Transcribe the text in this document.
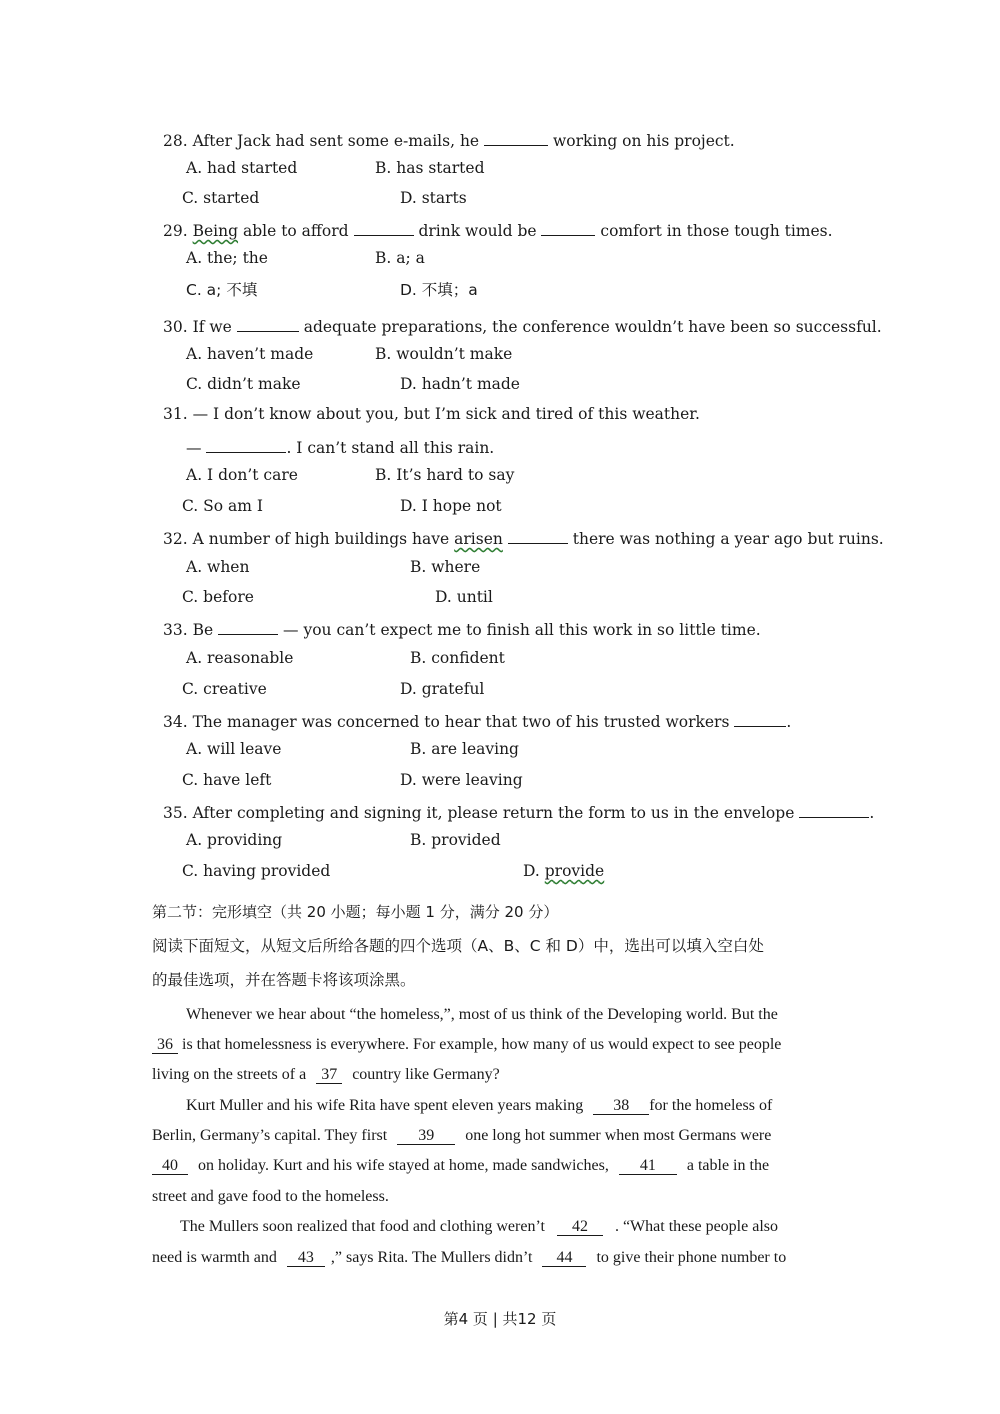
28. After Jack had sent some e-mails, he	working on his project.
A. had started	B. has started
C. started	D. starts
29. Being able to afford	drink would be	comfort in those tough times.
A. the; the	B. a; a
C. a; 不填	D. 不填；a
30. If we	adequate preparations, the conference wouldn’t have been so successful.
A. haven’t made	B. wouldn’t make
C. didn’t make	D. hadn’t made
31. — I don’t know about you, but I’m sick and tired of this weather.
—	. I can’t stand all this rain.
A. I don’t care	B. It’s hard to say
C. So am I	D. I hope not
32. A number of high buildings have arisen	there was nothing a year ago but ruins.
A. when	B. where
C. before	D. until
33. Be	— you can’t expect me to finish all this work in so little time.
A. reasonable	B. confident
C. creative	D. grateful
34. The manager was concerned to hear that two of his trusted workers	.
A. will leave	B. are leaving
C. have left	D. were leaving
35. After completing and signing it, please return the form to us in the envelope	.
A. providing	B. provided
C. having provided	D. provide
第二节：完形填空（共 20 小题；每小题 1 分，满分 20 分）
阅读下面短文，从短文后所给各题的四个选项（A、B、C 和 D）中，选出可以填入空白处
的最佳选项，并在答题卡将该项涂黑。
Whenever we hear about “the homeless,”, most of us think of the Developing world. But the
36 is that homelessness is everywhere. For example, how many of us would expect to see people
living on the streets of a 37 country like Germany?
Kurt Muller and his wife Rita have spent eleven years making 38 for the homeless of
Berlin, Germany’s capital. They first 39 one long hot summer when most Germans were
40 on holiday. Kurt and his wife stayed at home, made sandwiches, 41 a table in the
street and gave food to the homeless.
The Mullers soon realized that food and clothing weren’t 42 . “What these people also
need is warmth and 43 ,” says Rita. The Mullers didn’t 44 to give their phone number to
第4 页 | 共12 页
